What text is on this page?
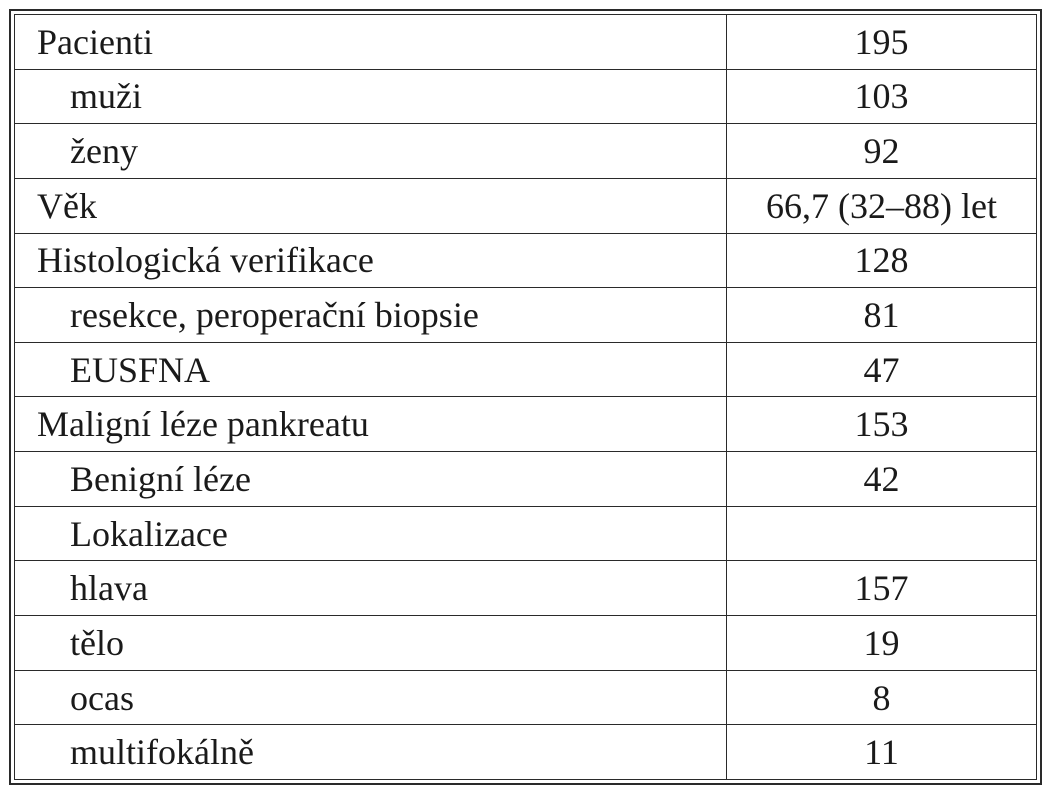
Pacienti	195
muži	103
ženy	92
Věk	66,7 (32–88) let
Histologická verifikace	128
resekce, peroperační biopsie	81
EUSFNA	47
Maligní léze pankreatu	153
Benigní léze	42
Lokalizace	
hlava	157
tělo	19
ocas	8
multifokálně	11
